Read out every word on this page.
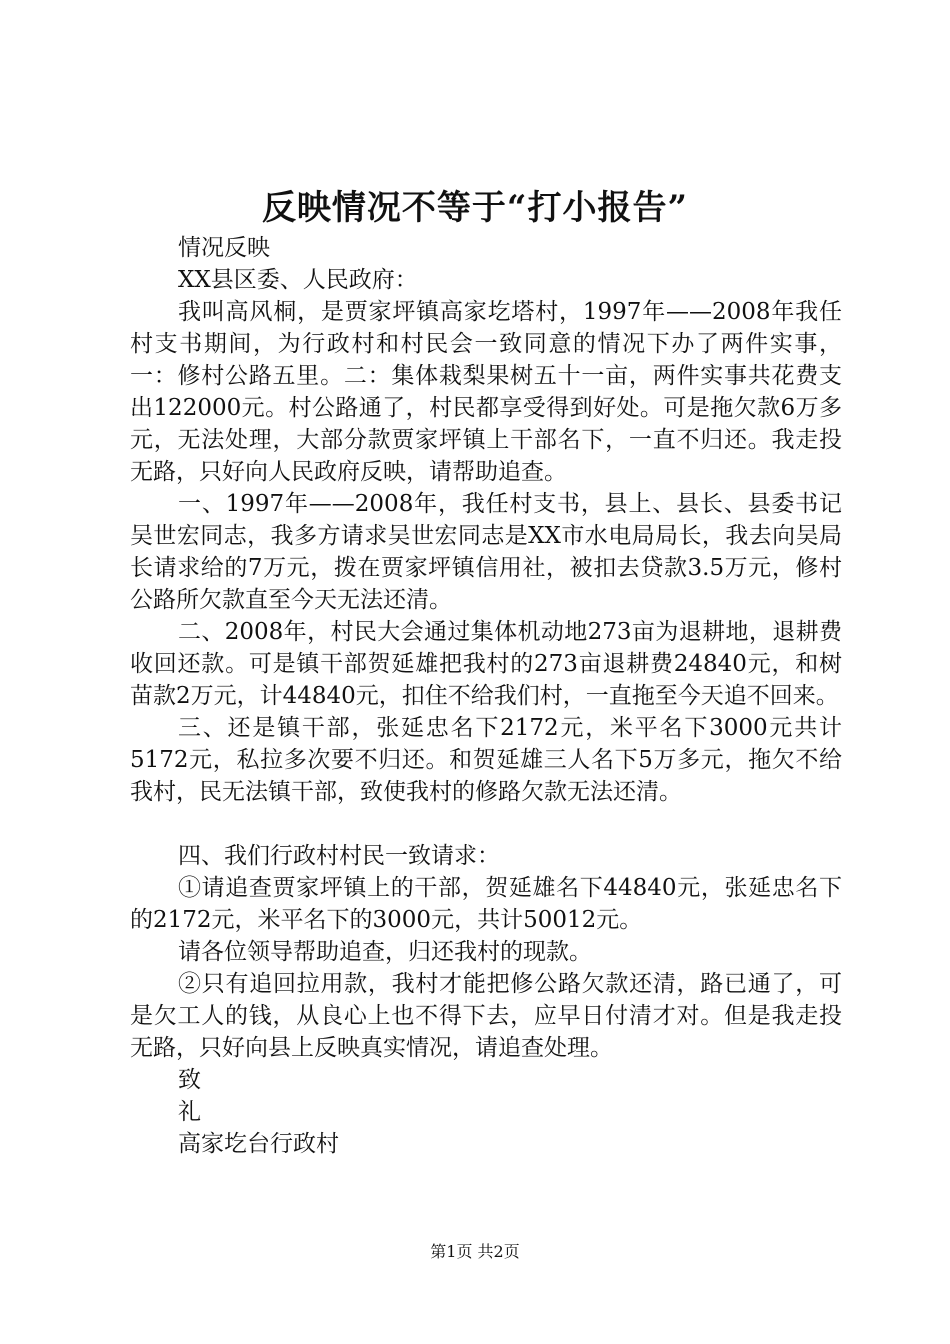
反映情况不等于“打小报告”

情况反映

XX县区委、人民政府：

我叫高风桐，是贾家坪镇高家圪塔村，1997年——2008年我任村支书期间，为行政村和村民会一致同意的情况下办了两件实事，一：修村公路五里。二：集体栽梨果树五十一亩，两件实事共花费支出122000元。村公路通了，村民都享受得到好处。可是拖欠款6万多元，无法处理，大部分款贾家坪镇上干部名下，一直不归还。我走投无路，只好向人民政府反映，请帮助追查。

一、1997年——2008年，我任村支书，县上、县长、县委书记吴世宏同志，我多方请求吴世宏同志是XX市水电局局长，我去向吴局长请求给的7万元，拨在贾家坪镇信用社，被扣去贷款3.5万元，修村公路所欠款直至今天无法还清。

二、2008年，村民大会通过集体机动地273亩为退耕地，退耕费收回还款。可是镇干部贺延雄把我村的273亩退耕费24840元，和树苗款2万元，计44840元，扣住不给我们村，一直拖至今天追不回来。

三、还是镇干部，张延忠名下2172元，米平名下3000元共计5172元，私拉多次要不归还。和贺延雄三人名下5万多元，拖欠不给我村，民无法镇干部，致使我村的修路欠款无法还清。

四、我们行政村村民一致请求：

①请追查贾家坪镇上的干部，贺延雄名下44840元，张延忠名下的2172元，米平名下的3000元，共计50012元。

请各位领导帮助追查，归还我村的现款。

②只有追回拉用款，我村才能把修公路欠款还清，路已通了，可是欠工人的钱，从良心上也不得下去，应早日付清才对。但是我走投无路，只好向县上反映真实情况，请追查处理。

致

礼

高家圪台行政村

第1页 共2页
